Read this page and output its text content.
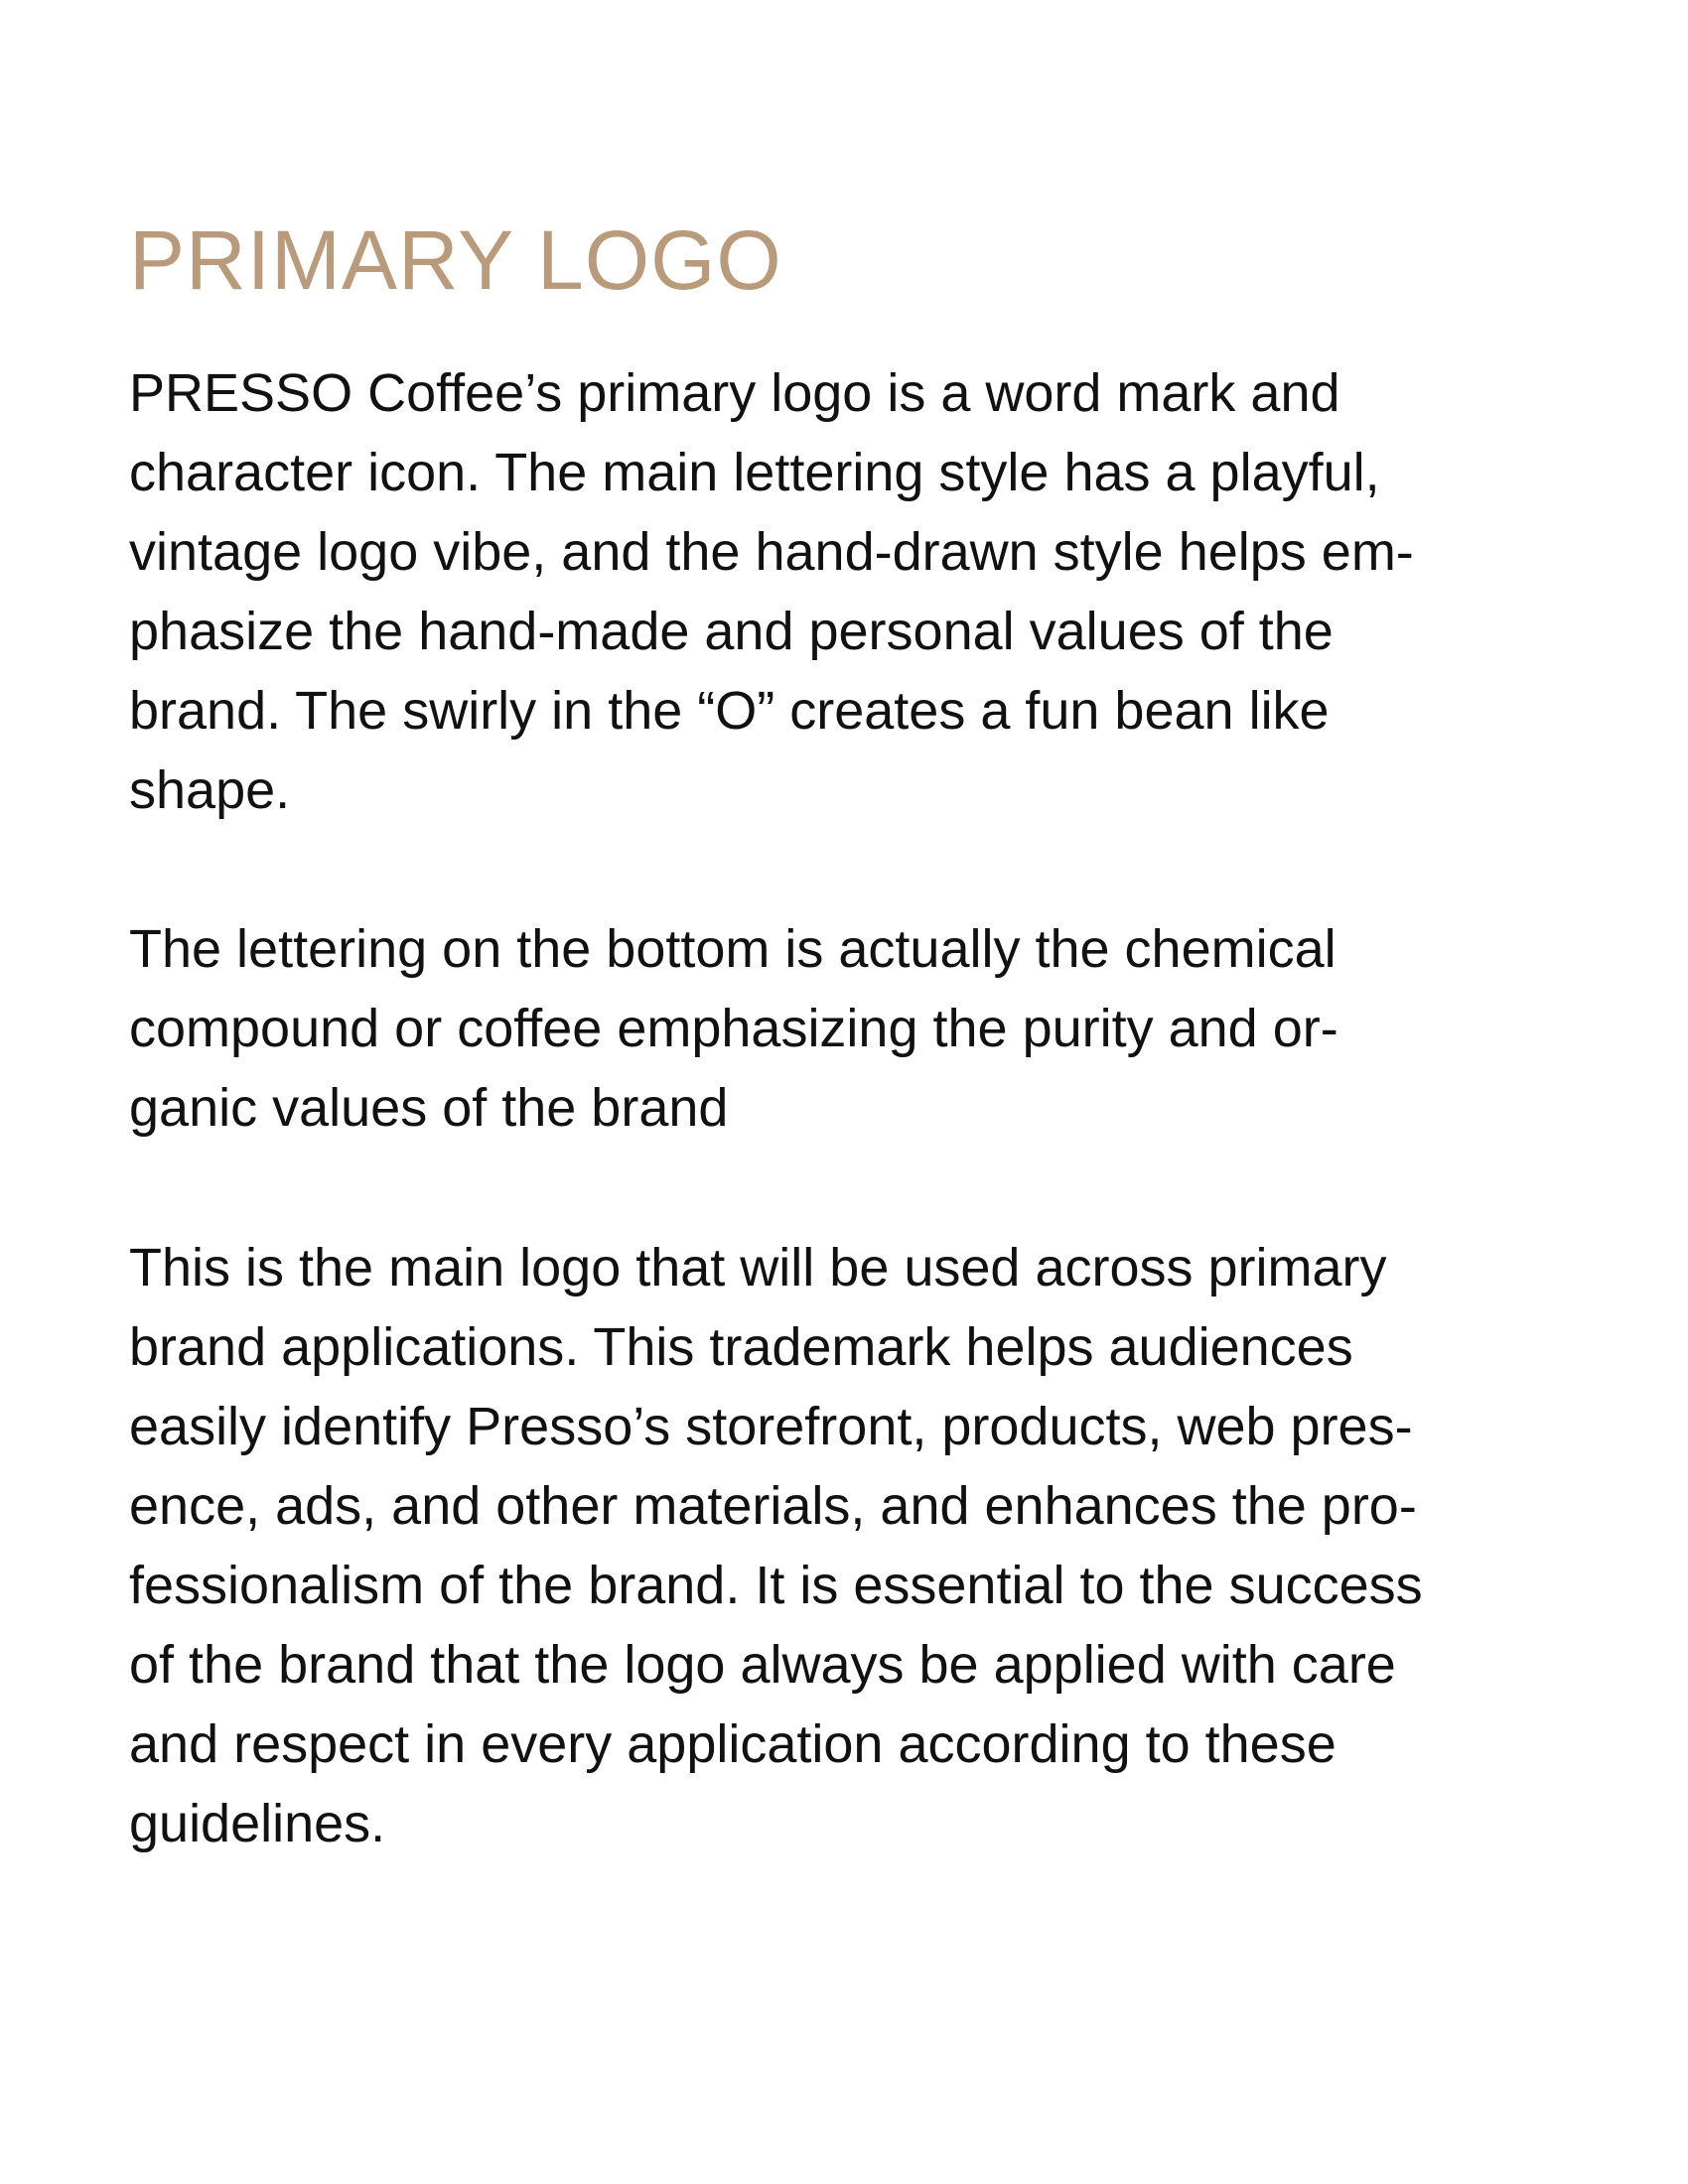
PRIMARY LOGO

PRESSO Coffee’s primary logo is a word mark and
character icon. The main lettering style has a playful,
vintage logo vibe, and the hand-drawn style helps em-
phasize the hand-made and personal values of the
brand. The swirly in the “O” creates a fun bean like
shape.

The lettering on the bottom is actually the chemical
compound or coffee emphasizing the purity and or-
ganic values of the brand

This is the main logo that will be used across primary
brand applications. This trademark helps audiences
easily identify Presso’s storefront, products, web pres-
ence, ads, and other materials, and enhances the pro-
fessionalism of the brand. It is essential to the success
of the brand that the logo always be applied with care
and respect in every application according to these
guidelines.
